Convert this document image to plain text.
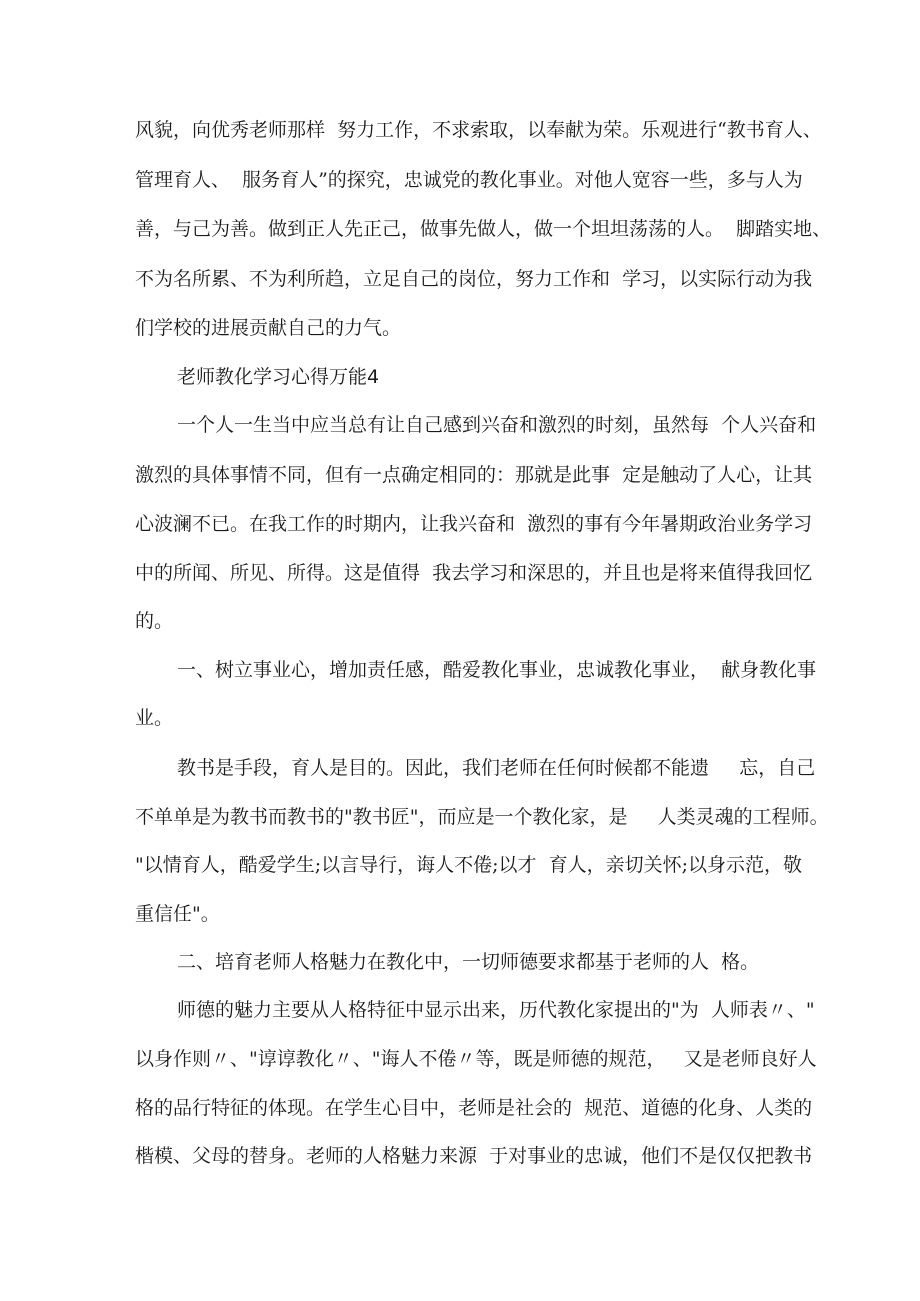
风貌，向优秀老师那样  努力工作，不求索取，以奉献为荣。乐观进行“教书育人、

管理育人、  服务育人”的探究，忠诚党的教化事业。对他人宽容一些，多与人为

善，与己为善。做到正人先正己，做事先做人，做一个坦坦荡荡的人。  脚踏实地、

不为名所累、不为利所趋，立足自己的岗位，努力工作和  学习，以实际行动为我

们学校的进展贡献自己的力气。

老师教化学习心得万能4

一个人一生当中应当总有让自己感到兴奋和激烈的时刻，虽然每  个人兴奋和

激烈的具体事情不同，但有一点确定相同的：那就是此事  定是触动了人心，让其

心波澜不已。在我工作的时期内，让我兴奋和  激烈的事有今年暑期政治业务学习

中的所闻、所见、所得。这是值得  我去学习和深思的，并且也是将来值得我回忆

的。

一、树立事业心，增加责任感，酷爱教化事业，忠诚教化事业，  献身教化事

业。

教书是手段，育人是目的。因此，我们老师在任何时候都不能遗     忘，自己

不单单是为教书而教书的"教书匠"，而应是一个教化家，是     人类灵魂的工程师。

"以情育人，酷爱学生;以言导行，诲人不倦;以才  育人，亲切关怀;以身示范，敬

重信任"。

二、培育老师人格魅力在教化中，一切师德要求都基于老师的人  格。

师德的魅力主要从人格特征中显示出来，历代教化家提出的"为  人师表〃、"

以身作则〃、"谆谆教化〃、"诲人不倦〃等，既是师德的规范，   又是老师良好人

格的品行特征的体现。在学生心目中，老师是社会的  规范、道德的化身、人类的

楷模、父母的替身。老师的人格魅力来源  于对事业的忠诚，他们不是仅仅把教书
